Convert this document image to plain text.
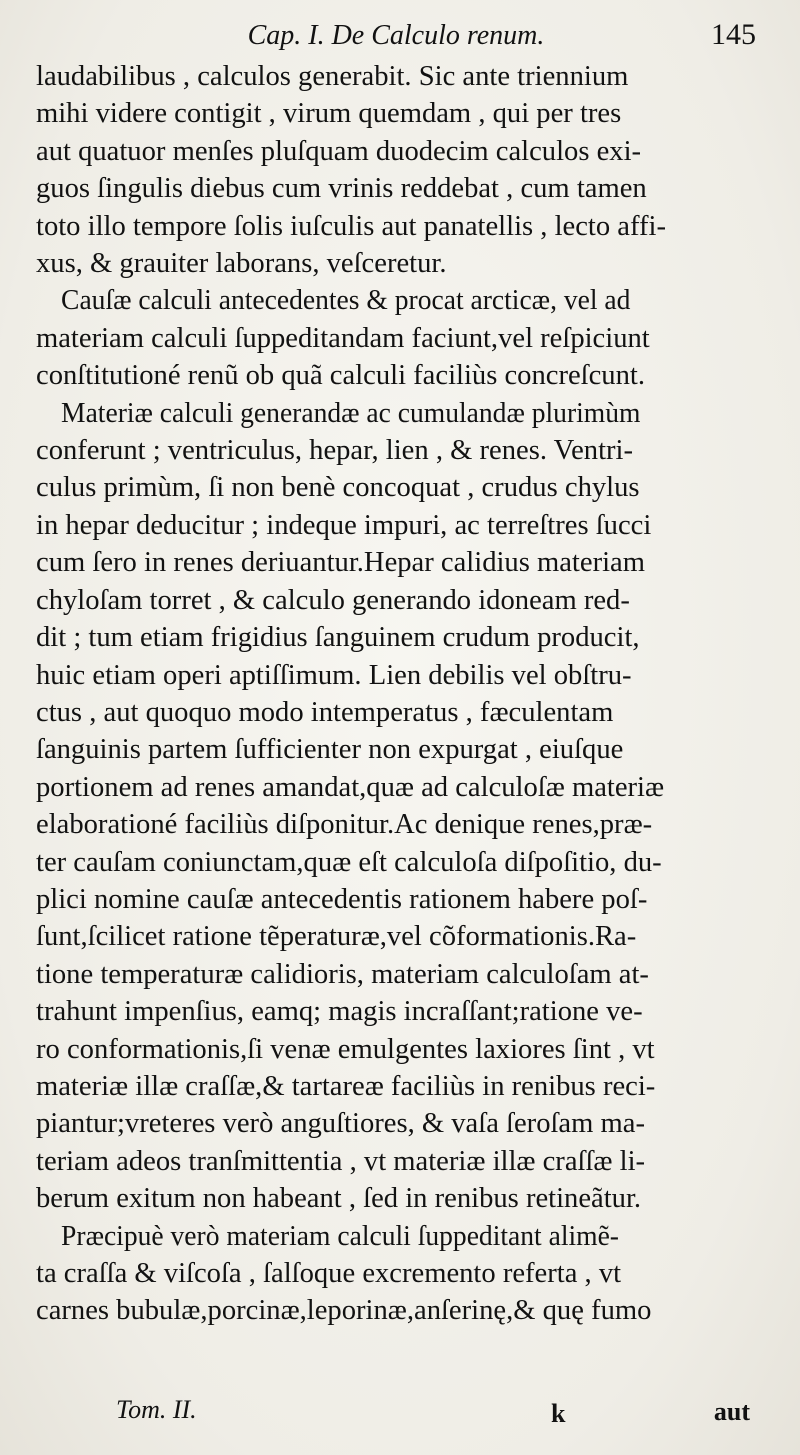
Cap. I. De Calculo renum.	145

laudabilibus , calculos generabit. Sic ante triennium
mihi videre contigit , virum quemdam , qui per tres
aut quatuor menſes pluſquam duodecim calculos exi-
guos ſingulis diebus cum vrinis reddebat , cum tamen
toto illo tempore ſolis iuſculis aut panatellis , lecto affi-
xus, & grauiter laborans, veſceretur.

Cauſæ calculi antecedentes & procat arcticæ, vel ad
materiam calculi ſuppeditandam faciunt,vel reſpiciunt
conſtitutioné renũ ob quã calculi faciliùs concreſcunt.

Materiæ calculi generandæ ac cumulandæ plurimùm
conferunt ; ventriculus, hepar, lien , & renes. Ventri-
culus primùm, ſi non benè concoquat , crudus chylus
in hepar deducitur ; indeque impuri, ac terreſtres ſucci
cum ſero in renes deriuantur.Hepar calidius materiam
chyloſam torret , & calculo generando idoneam red-
dit ; tum etiam frigidius ſanguinem crudum producit,
huic etiam operi aptiſſimum. Lien debilis vel obſtru-
ctus , aut quoquo modo intemperatus , fæculentam
ſanguinis partem ſufficienter non expurgat , eiuſque
portionem ad renes amandat,quæ ad calculoſæ materiæ
elaborationé faciliùs diſponitur.Ac denique renes,præ-
ter cauſam coniunctam,quæ eſt calculoſa diſpoſitio, du-
plici nomine cauſæ antecedentis rationem habere poſ-
ſunt,ſcilicet ratione tẽperaturæ,vel cõformationis.Ra-
tione temperaturæ calidioris, materiam calculoſam at-
trahunt impenſius, eamq; magis incraſſant;ratione ve-
ro conformationis,ſi venæ emulgentes laxiores ſint , vt
materiæ illæ craſſæ,& tartareæ faciliùs in renibus reci-
piantur;vreteres verò anguſtiores, & vaſa ſeroſam ma-
teriam adeos tranſmittentia , vt materiæ illæ craſſæ li-
berum exitum non habeant , ſed in renibus retineãtur.

Præcipuè verò materiam calculi ſuppeditant alimẽ-
ta craſſa & viſcoſa , ſalſoque excremento referta , vt
carnes bubulæ,porcinæ,leporinæ,anſerinę,& quę fumo

Tom. II.	k	aut
